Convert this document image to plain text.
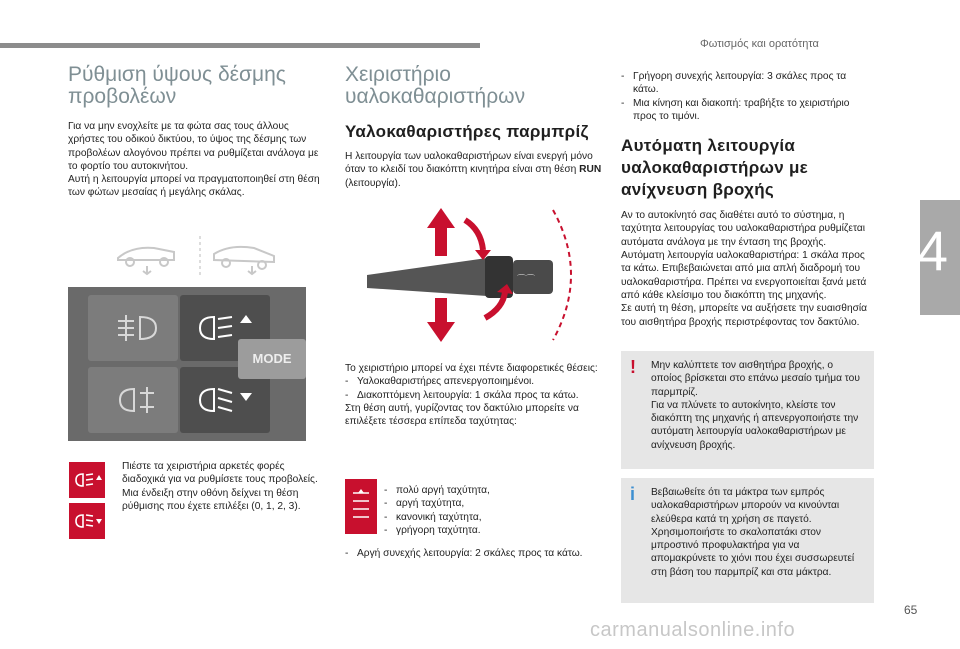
Φωτισμός και ορατότητα
4
Ρύθμιση ύψους δέσμης προβολέων

Για να μην ενοχλείτε με τα φώτα σας τους άλλους χρήστες του οδικού δικτύου, το ύψος της δέσμης των προβολέων αλογόνου πρέπει να ρυθμίζεται ανάλογα με το φορτίο του αυτοκινήτου.

Αυτή η λειτουργία μπορεί να πραγματοποιηθεί στη θέση των φώτων μεσαίας ή μεγάλης σκάλας.

MODE

Πιέστε τα χειριστήρια αρκετές φορές διαδοχικά για να ρυθμίσετε τους προβολείς.

Μια ένδειξη στην οθόνη δείχνει τη θέση ρύθμισης που έχετε επιλέξει (0, 1, 2, 3).

Χειριστήριο υαλοκαθαριστήρων
Υαλοκαθαριστήρες παρμπρίζ

Η λειτουργία των υαλοκαθαριστήρων είναι ενεργή μόνο όταν το κλειδί του διακόπτη κινητήρα είναι στη θέση RUN (λειτουργία).

⌒⌒

Το χειριστήριο μπορεί να έχει πέντε διαφορετικές θέσεις:

- Υαλοκαθαριστήρες απενεργοποιημένοι.
- Διακοπτόμενη λειτουργία: 1 σκάλα προς τα κάτω.

Στη θέση αυτή, γυρίζοντας τον δακτύλιο μπορείτε να επιλέξετε τέσσερα επίπεδα ταχύτητας:

- πολύ αργή ταχύτητα,
- αργή ταχύτητα,
- κανονική ταχύτητα,
- γρήγορη ταχύτητα.
- Αργή συνεχής λειτουργία: 2 σκάλες προς τα κάτω.
- Γρήγορη συνεχής λειτουργία: 3 σκάλες προς τα κάτω.
- Μια κίνηση και διακοπή: τραβήξτε το χειριστήριο προς το τιμόνι.
Αυτόματη λειτουργία υαλοκαθαριστήρων με ανίχνευση βροχής

Αν το αυτοκίνητό σας διαθέτει αυτό το σύστημα, η ταχύτητα λειτουργίας του υαλοκαθαριστήρα ρυθμίζεται αυτόματα ανάλογα με την ένταση της βροχής.

Αυτόματη λειτουργία υαλοκαθαριστήρα: 1 σκάλα προς τα κάτω. Επιβεβαιώνεται από μια απλή διαδρομή του υαλοκαθαριστήρα. Πρέπει να ενεργοποιείται ξανά μετά από κάθε κλείσιμο του διακόπτη της μηχανής.

Σε αυτή τη θέση, μπορείτε να αυξήσετε την ευαισθησία του αισθητήρα βροχής περιστρέφοντας τον δακτύλιο.

! Μην καλύπτετε τον αισθητήρα βροχής, ο οποίος βρίσκεται στο επάνω μεσαίο τμήμα του παρμπρίζ.

Για να πλύνετε το αυτοκίνητο, κλείστε τον διακόπτη της μηχανής ή απενεργοποιήστε την αυτόματη λειτουργία υαλοκαθαριστήρων με ανίχνευση βροχής.

i Βεβαιωθείτε ότι τα μάκτρα των εμπρός υαλοκαθαριστήρων μπορούν να κινούνται ελεύθερα κατά τη χρήση σε παγετό. Χρησιμοποιήστε το σκαλοπατάκι στον μπροστινό προφυλακτήρα για να απομακρύνετε το χιόνι που έχει συσσωρευτεί στη βάση του παρμπρίζ και στα μάκτρα.

65
carmanualsonline.info
